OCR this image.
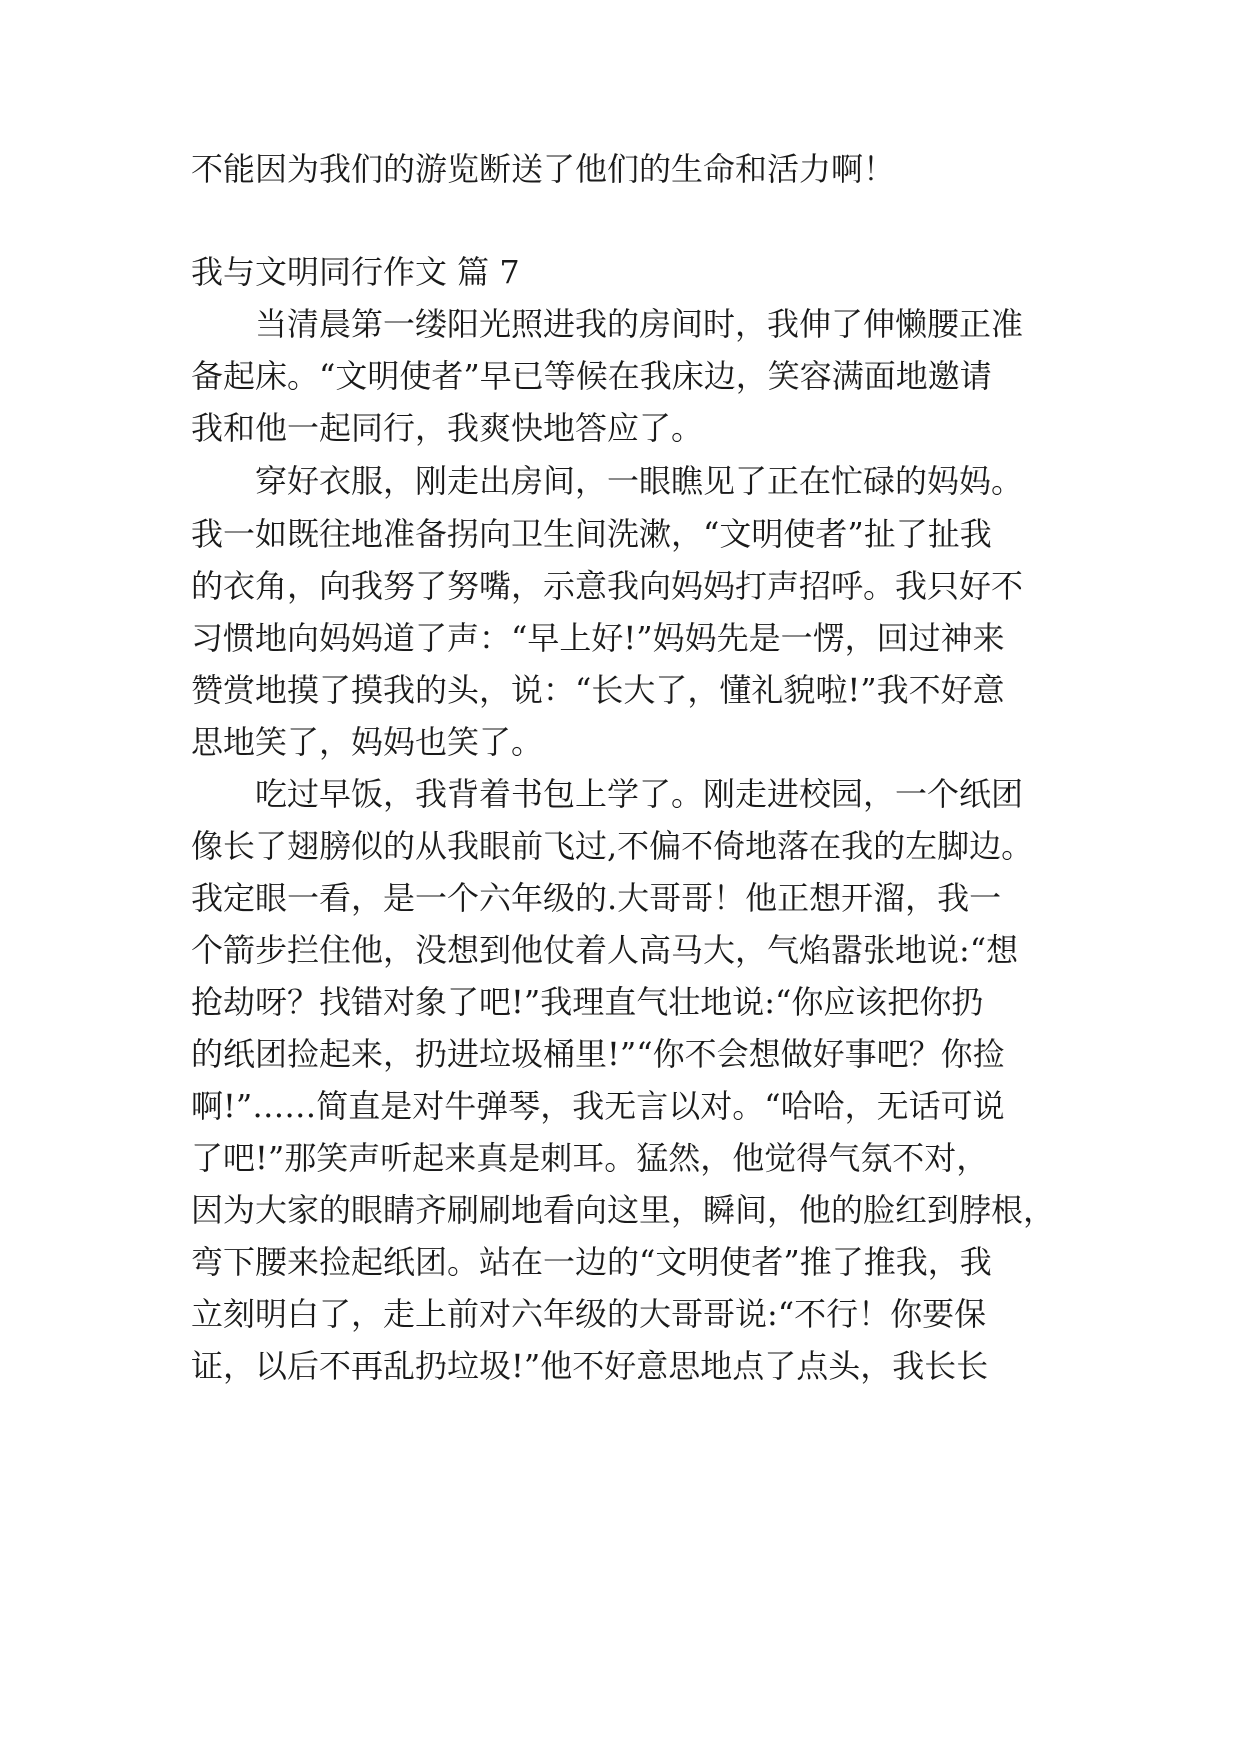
不能因为我们的游览断送了他们的生命和活力啊！
我与文明同行作文 篇 7
当清晨第一缕阳光照进我的房间时，我伸了伸懒腰正准
备起床。“文明使者”早已等候在我床边，笑容满面地邀请
我和他一起同行，我爽快地答应了。
穿好衣服，刚走出房间，一眼瞧见了正在忙碌的妈妈。
我一如既往地准备拐向卫生间洗漱，“文明使者”扯了扯我
的衣角，向我努了努嘴，示意我向妈妈打声招呼。我只好不
习惯地向妈妈道了声：“早上好!”妈妈先是一愣，回过神来
赞赏地摸了摸我的头，说：“长大了，懂礼貌啦!”我不好意
思地笑了，妈妈也笑了。
吃过早饭，我背着书包上学了。刚走进校园，一个纸团
像长了翅膀似的从我眼前飞过,不偏不倚地落在我的左脚边。
我定眼一看，是一个六年级的.大哥哥！他正想开溜，我一
个箭步拦住他，没想到他仗着人高马大，气焰嚣张地说:“想
抢劫呀？找错对象了吧!”我理直气壮地说:“你应该把你扔
的纸团捡起来，扔进垃圾桶里!”“你不会想做好事吧？你捡
啊!”……简直是对牛弹琴，我无言以对。“哈哈，无话可说
了吧!”那笑声听起来真是刺耳。猛然，他觉得气氛不对，
因为大家的眼睛齐刷刷地看向这里，瞬间，他的脸红到脖根，
弯下腰来捡起纸团。站在一边的“文明使者”推了推我，我
立刻明白了，走上前对六年级的大哥哥说:“不行！你要保
证，以后不再乱扔垃圾!”他不好意思地点了点头，我长长
